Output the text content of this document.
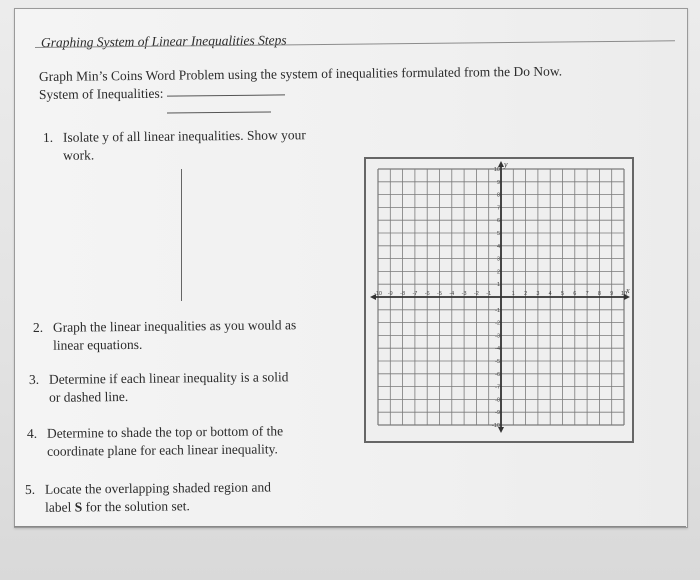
Graphing System of Linear Inequalities Steps
Graph Min’s Coins Word Problem using the system of inequalities formulated from the Do Now.
System of Inequalities:
1. Isolate y of all linear inequalities. Show your
work.
2. Graph the linear inequalities as you would as
linear equations.
3. Determine if each linear inequality is a solid
or dashed line.
4. Determine to shade the top or bottom of the
coordinate plane for each linear inequality.
5. Locate the overlapping shaded region and
label S for the solution set.
x
y
-10 -9 -8 -7 -6 -5 -4 -3 -2 -1	1 2 3 4 5 6 7 8 9 10
-10
-9
-8
-7
-6
-5
-4
-3
-2
-1
1
2
3
4
5
6
7
8
9
10
